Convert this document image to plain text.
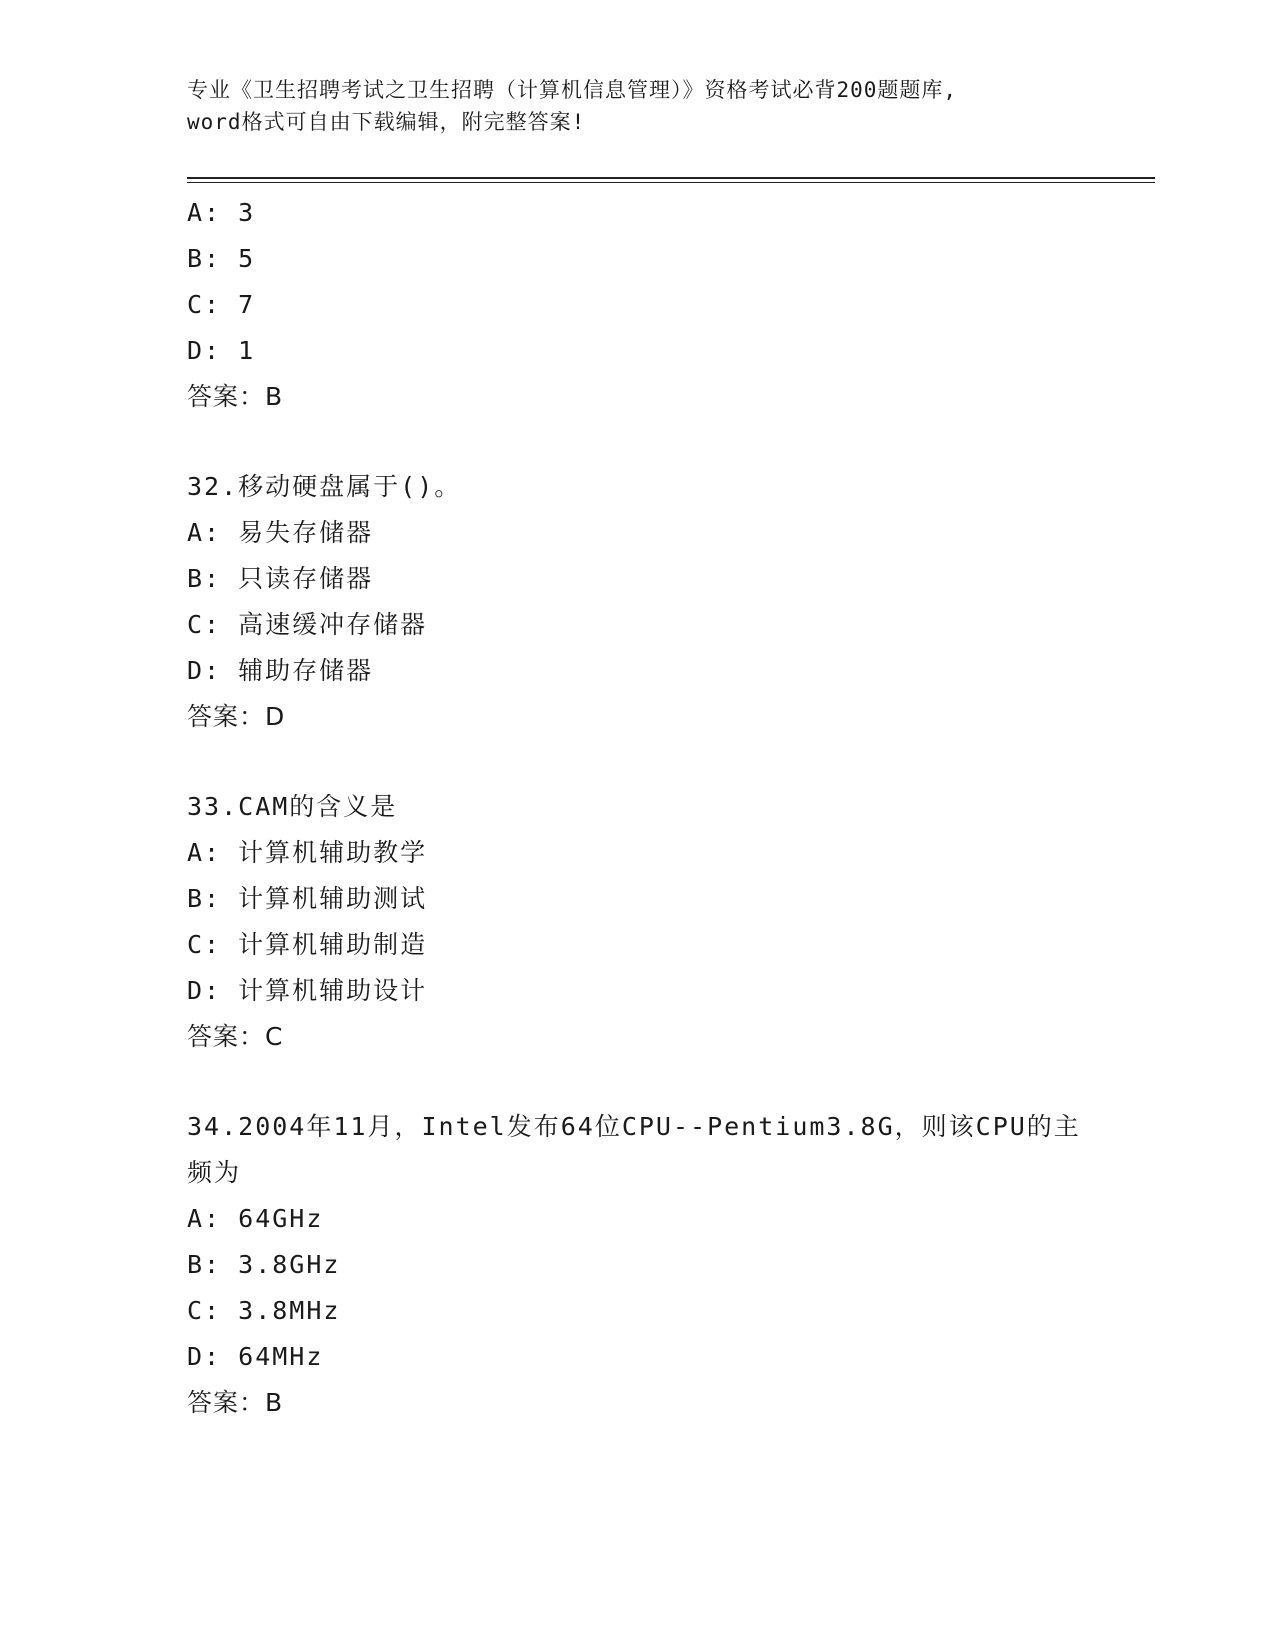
专业《卫生招聘考试之卫生招聘（计算机信息管理）》资格考试必背200题题库,
word格式可自由下载编辑，附完整答案!
A: 3
B: 5
C: 7
D: 1
答案：B
32.移动硬盘属于()。
A: 易失存储器
B: 只读存储器
C: 高速缓冲存储器
D: 辅助存储器
答案：D
33.CAM的含义是
A: 计算机辅助教学
B: 计算机辅助测试
C: 计算机辅助制造
D: 计算机辅助设计
答案：C
34.2004年11月，Intel发布64位CPU--Pentium3.8G，则该CPU的主
频为
A: 64GHz
B: 3.8GHz
C: 3.8MHz
D: 64MHz
答案：B
